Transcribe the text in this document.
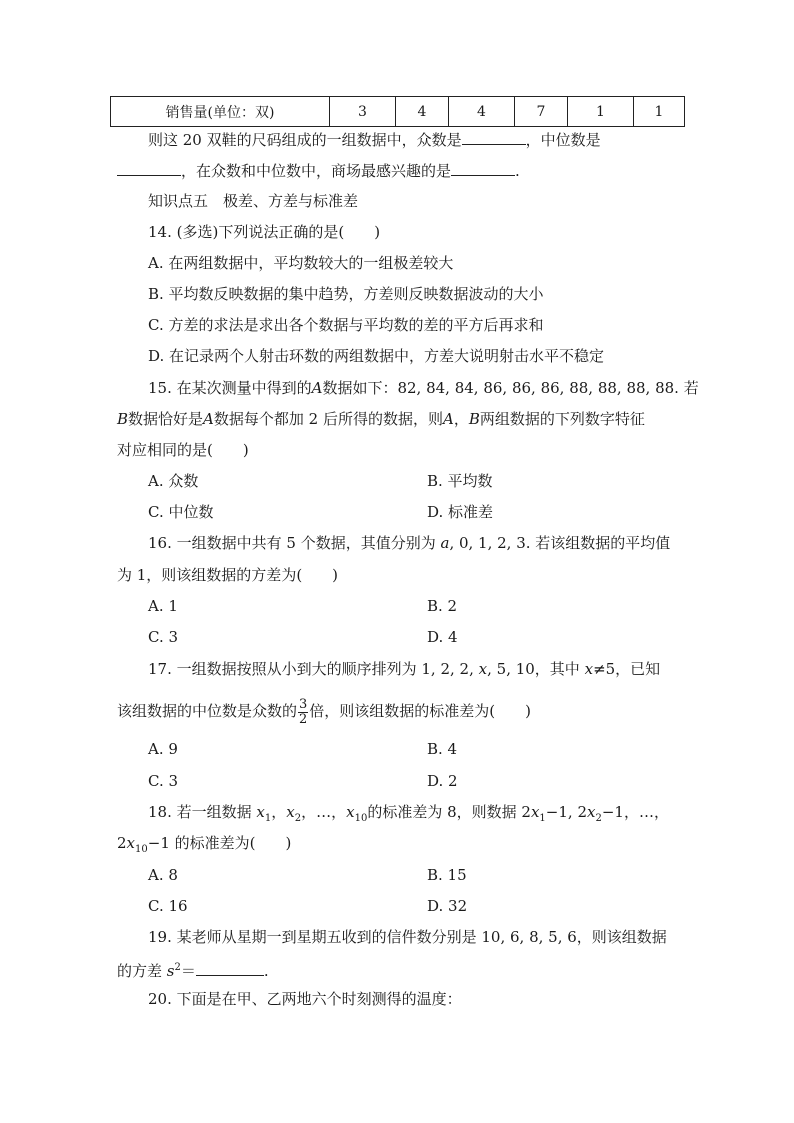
销售量(单位：双)	3	4	4	7	1	1
则这 20 双鞋的尺码组成的一组数据中，众数是	，中位数是
，在众数和中位数中，商场最感兴趣的是	.
知识点五　极差、方差与标准差
14. (多选)下列说法正确的是( )
A. 在两组数据中，平均数较大的一组极差较大
B. 平均数反映数据的集中趋势，方差则反映数据波动的大小
C. 方差的求法是求出各个数据与平均数的差的平方后再求和
D. 在记录两个人射击环数的两组数据中，方差大说明射击水平不稳定
15. 在某次测量中得到的A数据如下：82, 84, 84, 86, 86, 86, 88, 88, 88, 88. 若
B数据恰好是A数据每个都加 2 后所得的数据，则A，B两组数据的下列数字特征
对应相同的是( )
A. 众数	B. 平均数
C. 中位数	D. 标准差
16. 一组数据中共有 5 个数据，其值分别为 a, 0, 1, 2, 3. 若该组数据的平均值
为 1，则该组数据的方差为( )
A. 1	B. 2
C. 3	D. 4
17. 一组数据按照从小到大的顺序排列为 1, 2, 2, x, 5, 10，其中 x≠5，已知
该组数据的中位数是众数的 $\frac{3}{2}$ 倍，则该组数据的标准差为( )
A. 9	B. 4
C. 3	D. 2
18. 若一组数据 $x_1$，$x_2$，…，$x_{10}$的标准差为 8，则数据 $2x_1-1$, $2x_2-1$，…，
$2x_{10}-1$ 的标准差为( )
A. 8	B. 15
C. 16	D. 32
19. 某老师从星期一到星期五收到的信件数分别是 10, 6, 8, 5, 6，则该组数据
的方差 $s^2=$	.
20. 下面是在甲、乙两地六个时刻测得的温度：
